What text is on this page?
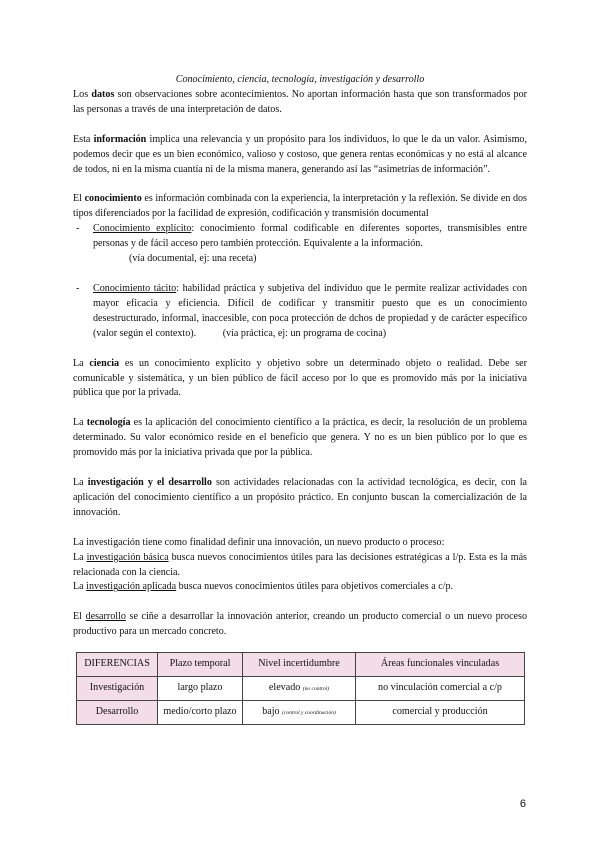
Conocimiento, ciencia, tecnología, investigación y desarrollo

Los datos son observaciones sobre acontecimientos. No aportan información hasta que son transformados por las personas a través de una interpretación de datos.

Esta información implica una relevancia y un propósito para los individuos, lo que le da un valor. Asimismo, podemos decir que es un bien económico, valioso y costoso, que genera rentas económicas y no está al alcance de todos, ni en la misma cuantía ni de la misma manera, generando así las “asimetrías de información”.

El conocimiento es información combinada con la experiencia, la interpretación y la reflexión. Se divide en dos tipos diferenciados por la facilidad de expresión, codificación y transmisión documental

- Conocimiento explícito: conocimiento formal codificable en diferentes soportes, transmisibles entre personas y de fácil acceso pero también protección. Equivalente a la información.
(vía documental, ej: una receta)
- Conocimiento tácito: habilidad práctica y subjetiva del individuo que le permite realizar actividades con mayor eficacia y eficiencia. Difícil de codificar y transmitir puesto que es un conocimiento desestructurado, informal, inaccesible, con poca protección de dchos de propiedad y de carácter específico (valor según el contexto).	(vía práctica, ej: un programa de cocina)

La ciencia es un conocimiento explícito y objetivo sobre un determinado objeto o realidad. Debe ser comunicable y sistemática, y un bien público de fácil acceso por lo que es promovido más por la iniciativa pública que por la privada.

La tecnología es la aplicación del conocimiento científico a la práctica, es decir, la resolución de un problema determinado. Su valor económico reside en el beneficio que genera. Y no es un bien público por lo que es promovido más por la iniciativa privada que por la pública.

La investigación y el desarrollo son actividades relacionadas con la actividad tecnológica, es decir, con la aplicación del conocimiento científico a un propósito práctico. En conjunto buscan la comercialización de la innovación.

La investigación tiene como finalidad definir una innovación, un nuevo producto o proceso:

La investigación básica busca nuevos conocimientos útiles para las decisiones estratégicas a l/p. Esta es la más relacionada con la ciencia.

La investigación aplicada busca nuevos conocimientos útiles para objetivos comerciales a c/p.

El desarrollo se ciñe a desarrollar la innovación anterior, creando un producto comercial o un nuevo proceso productivo para un mercado concreto.

DIFERENCIAS	Plazo temporal	Nivel incertidumbre	Áreas funcionales vinculadas
Investigación	largo plazo	elevado (no control)	no vinculación comercial a c/p
Desarrollo	medio/corto plazo	bajo (control y coordinación)	comercial y producción
6
